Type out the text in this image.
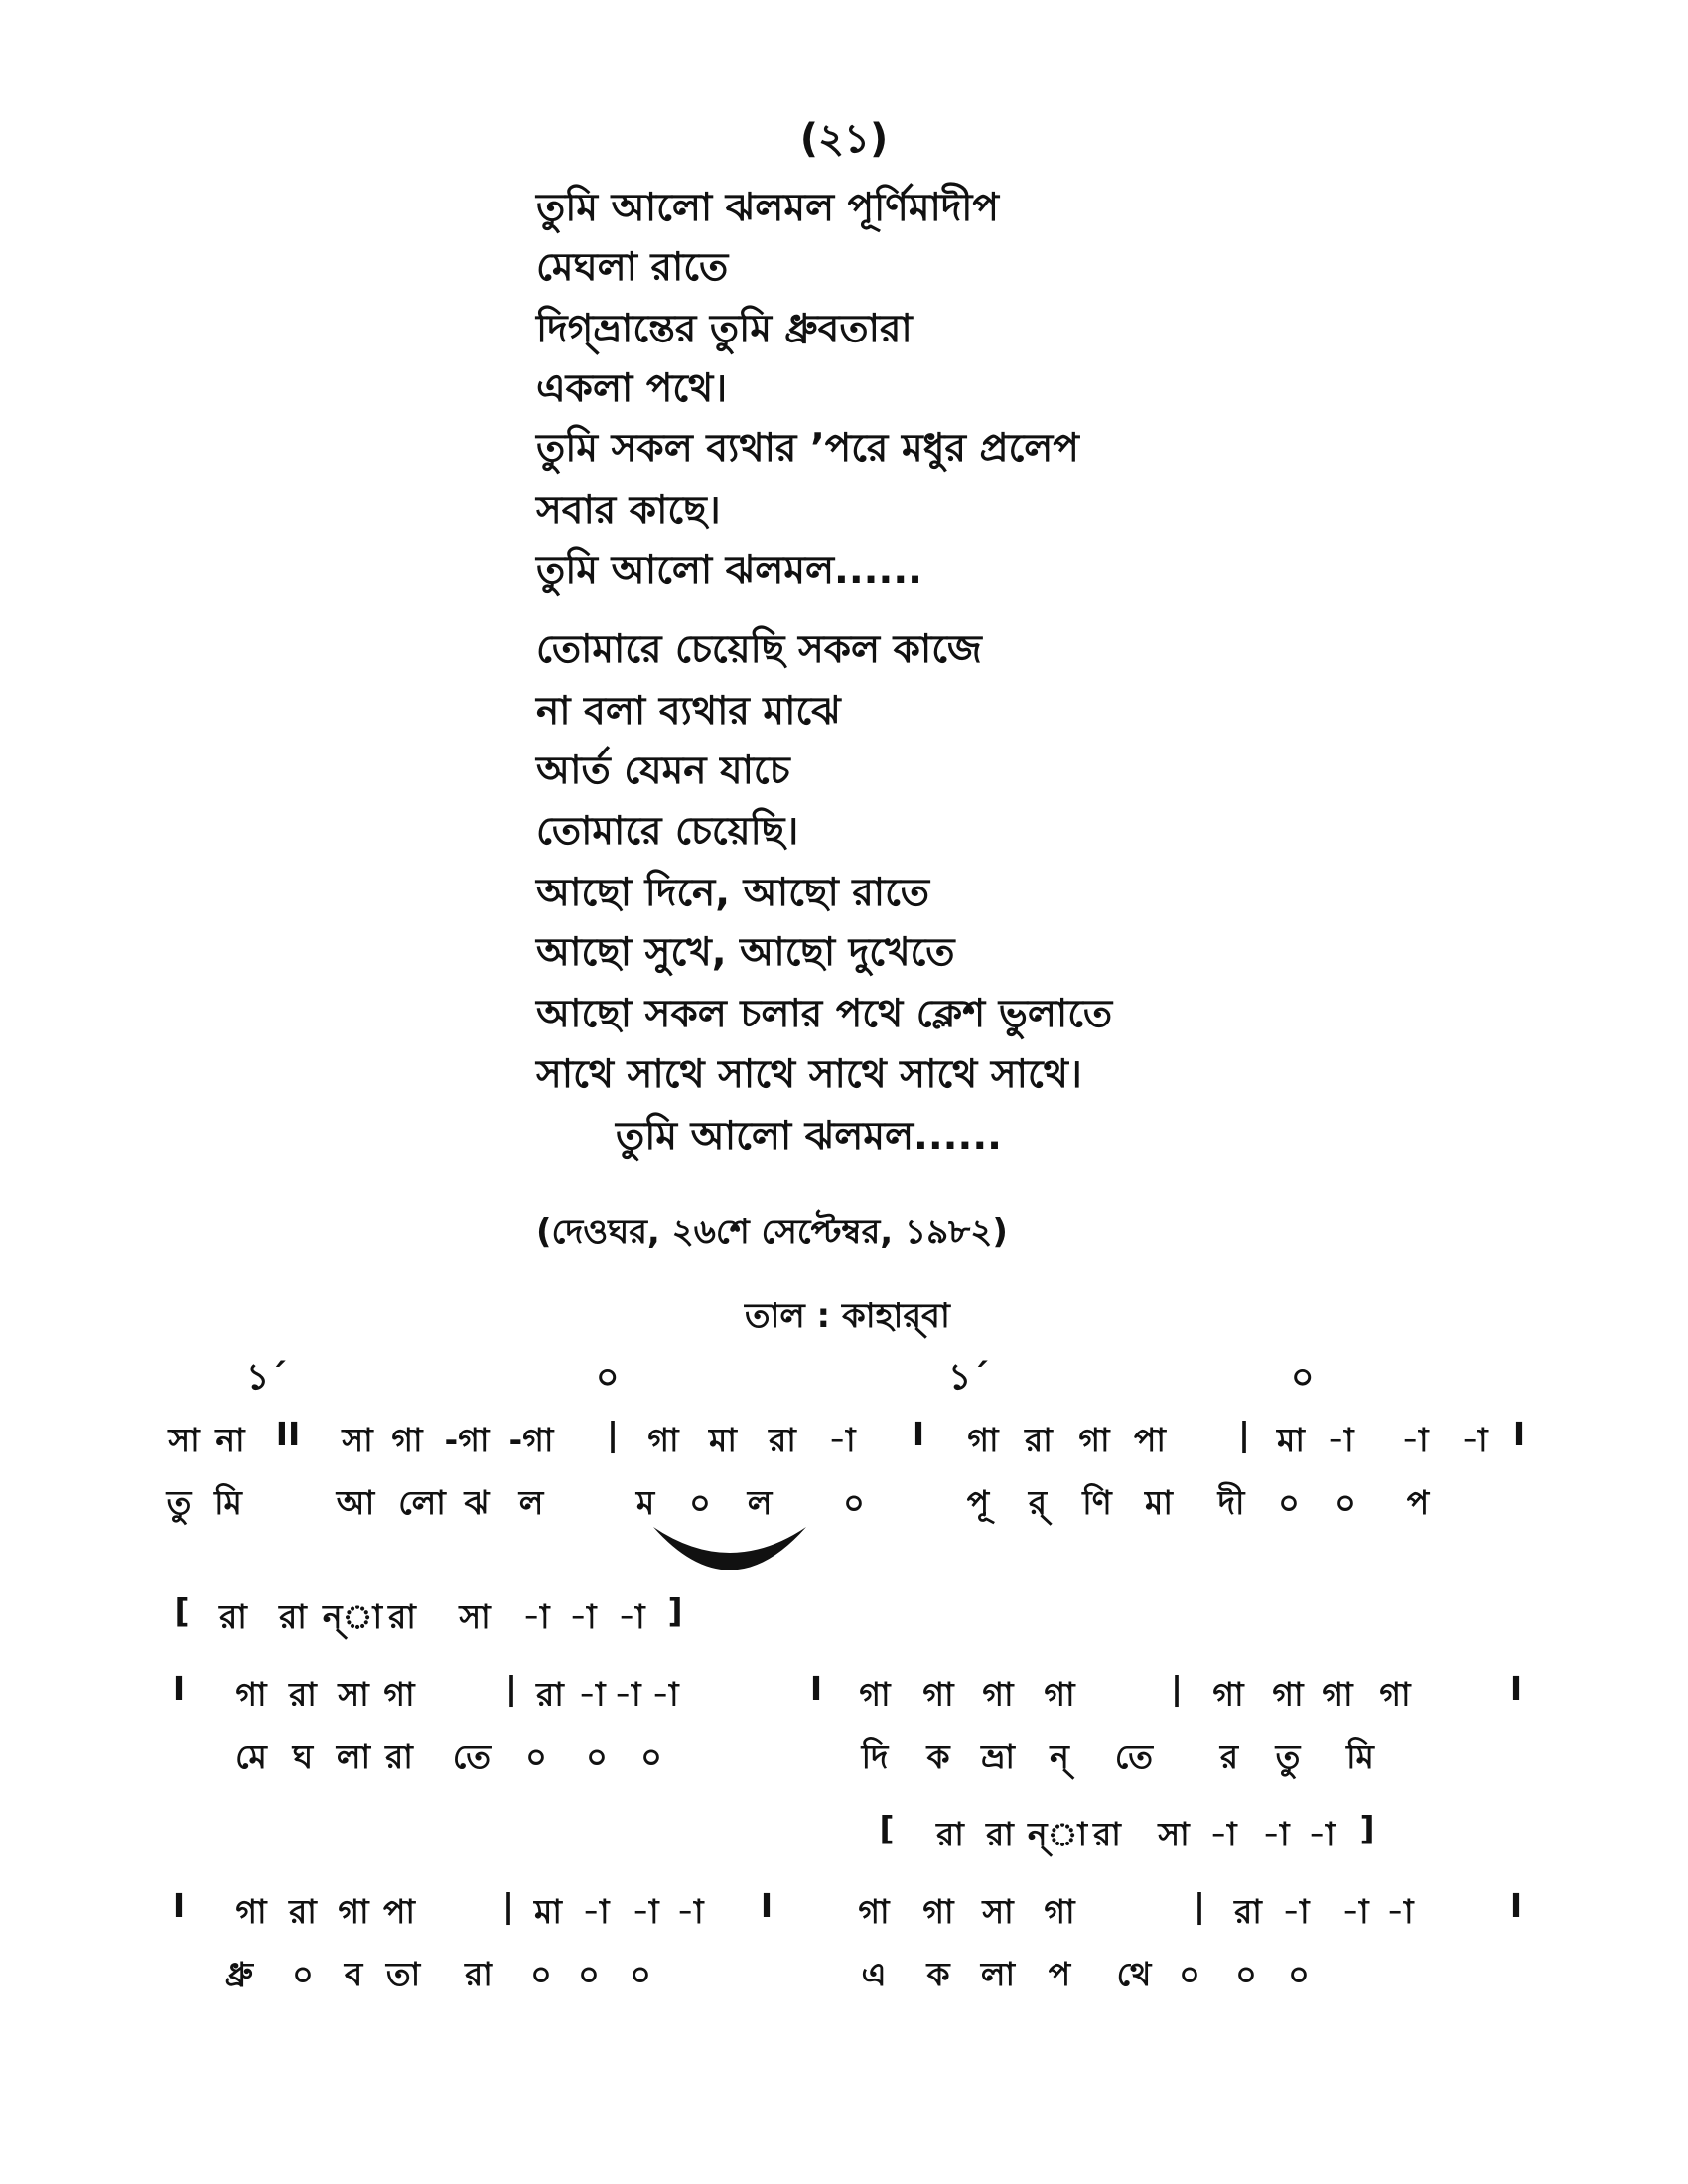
(২১)
তুমি আলো ঝলমল পূর্ণিমাদীপ
মেঘলা রাতে
দিগ্‌ভ্রান্তের তুমি ধ্রুবতারা
একলা পথে।
তুমি সকল ব্যথার ’পরে মধুর প্রলেপ
সবার কাছে।
তুমি আলো ঝলমল......
তোমারে চেয়েছি সকল কাজে
না বলা ব্যথার মাঝে
আর্ত যেমন যাচে
তোমারে চেয়েছি।
আছো দিনে, আছো রাতে
আছো সুখে, আছো দুখেতে
আছো সকল চলার পথে ক্লেশ ভুলাতে
সাথে সাথে সাথে সাথে সাথে সাথে।
তুমি আলো ঝলমল......
(দেওঘর, ২৬শে সেপ্টেম্বর, ১৯৮২)
তাল : কাহার্‌বা
১´	০	১´	০
সা না II সা গা -গা -গা | গা মা রা -া I গা রা গা পা | মা -া -া -া I
তু মি	আ লো ঝ ল	ম ০ ল ০	পূ র্ ণি মা দী ০ ০ প
[ রা রা ন্‌া রা সা -া -া -া ]
I গা রা সা গা	| রা -া -া -া	I গা গা গা গা	| গা গা গা গা	I
মে ঘ লা রা তে ০ ০ ০	দি ক ভ্রা ন্ তে র তু মি
[ রা রা ন্‌া রা সা -া -া -া ]
I গা রা গা পা	| মা -া -া -া I	গা গা সা গা	| রা -া -া -া	I
ধ্রু ০ ব তা রা ০ ০ ০	এ ক লা প থে ০ ০ ০
